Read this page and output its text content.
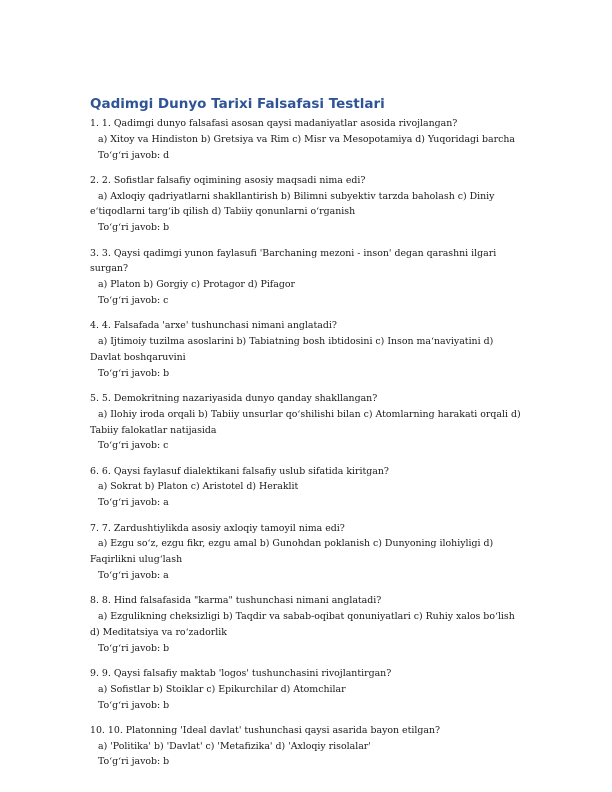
Qadimgi Dunyo Tarixi Falsafasi Testlari
1. 1. Qadimgi dunyo falsafasi asosan qaysi madaniyatlar asosida rivojlangan?
a) Xitoy va Hindiston b) Gretsiya va Rim c) Misr va Mesopotamiya d) Yuqoridagi barcha
To‘g‘ri javob: d
2. 2. Sofistlar falsafiy oqimining asosiy maqsadi nima edi?
a) Axloqiy qadriyatlarni shakllantirish b) Bilimni subyektiv tarzda baholash c) Diniy e‘tiqodlarni targ‘ib qilish d) Tabiiy qonunlarni o‘rganish
To‘g‘ri javob: b
3. 3. Qaysi qadimgi yunon faylasufi 'Barchaning mezoni - inson' degan qarashni ilgari surgan?
a) Platon b) Gorgiy c) Protagor d) Pifagor
To‘g‘ri javob: c
4. 4. Falsafada 'arxe' tushunchasi nimani anglatadi?
a) Ijtimoiy tuzilma asoslarini b) Tabiatning bosh ibtidosini c) Inson ma‘naviyatini d) Davlat boshqaruvini
To‘g‘ri javob: b
5. 5. Demokritning nazariyasida dunyo qanday shakllangan?
a) Ilohiy iroda orqali b) Tabiiy unsurlar qo‘shilishi bilan c) Atomlarning harakati orqali d) Tabiiy falokatlar natijasida
To‘g‘ri javob: c
6. 6. Qaysi faylasuf dialektikani falsafiy uslub sifatida kiritgan?
a) Sokrat b) Platon c) Aristotel d) Heraklit
To‘g‘ri javob: a
7. 7. Zardushtiylikda asosiy axloqiy tamoyil nima edi?
a) Ezgu so‘z, ezgu fikr, ezgu amal b) Gunohdan poklanish c) Dunyoning ilohiyligi d) Faqirlikni ulug‘lash
To‘g‘ri javob: a
8. 8. Hind falsafasida "karma" tushunchasi nimani anglatadi?
a) Ezgulikning cheksizligi b) Taqdir va sabab-oqibat qonuniyatlari c) Ruhiy xalos bo‘lish d) Meditatsiya va ro‘zadorlik
To‘g‘ri javob: b
9. 9. Qaysi falsafiy maktab 'logos' tushunchasini rivojlantirgan?
a) Sofistlar b) Stoiklar c) Epikurchilar d) Atomchilar
To‘g‘ri javob: b
10. 10. Platonning 'Ideal davlat' tushunchasi qaysi asarida bayon etilgan?
a) 'Politika' b) 'Davlat' c) 'Metafizika' d) 'Axloqiy risolalar'
To‘g‘ri javob: b
